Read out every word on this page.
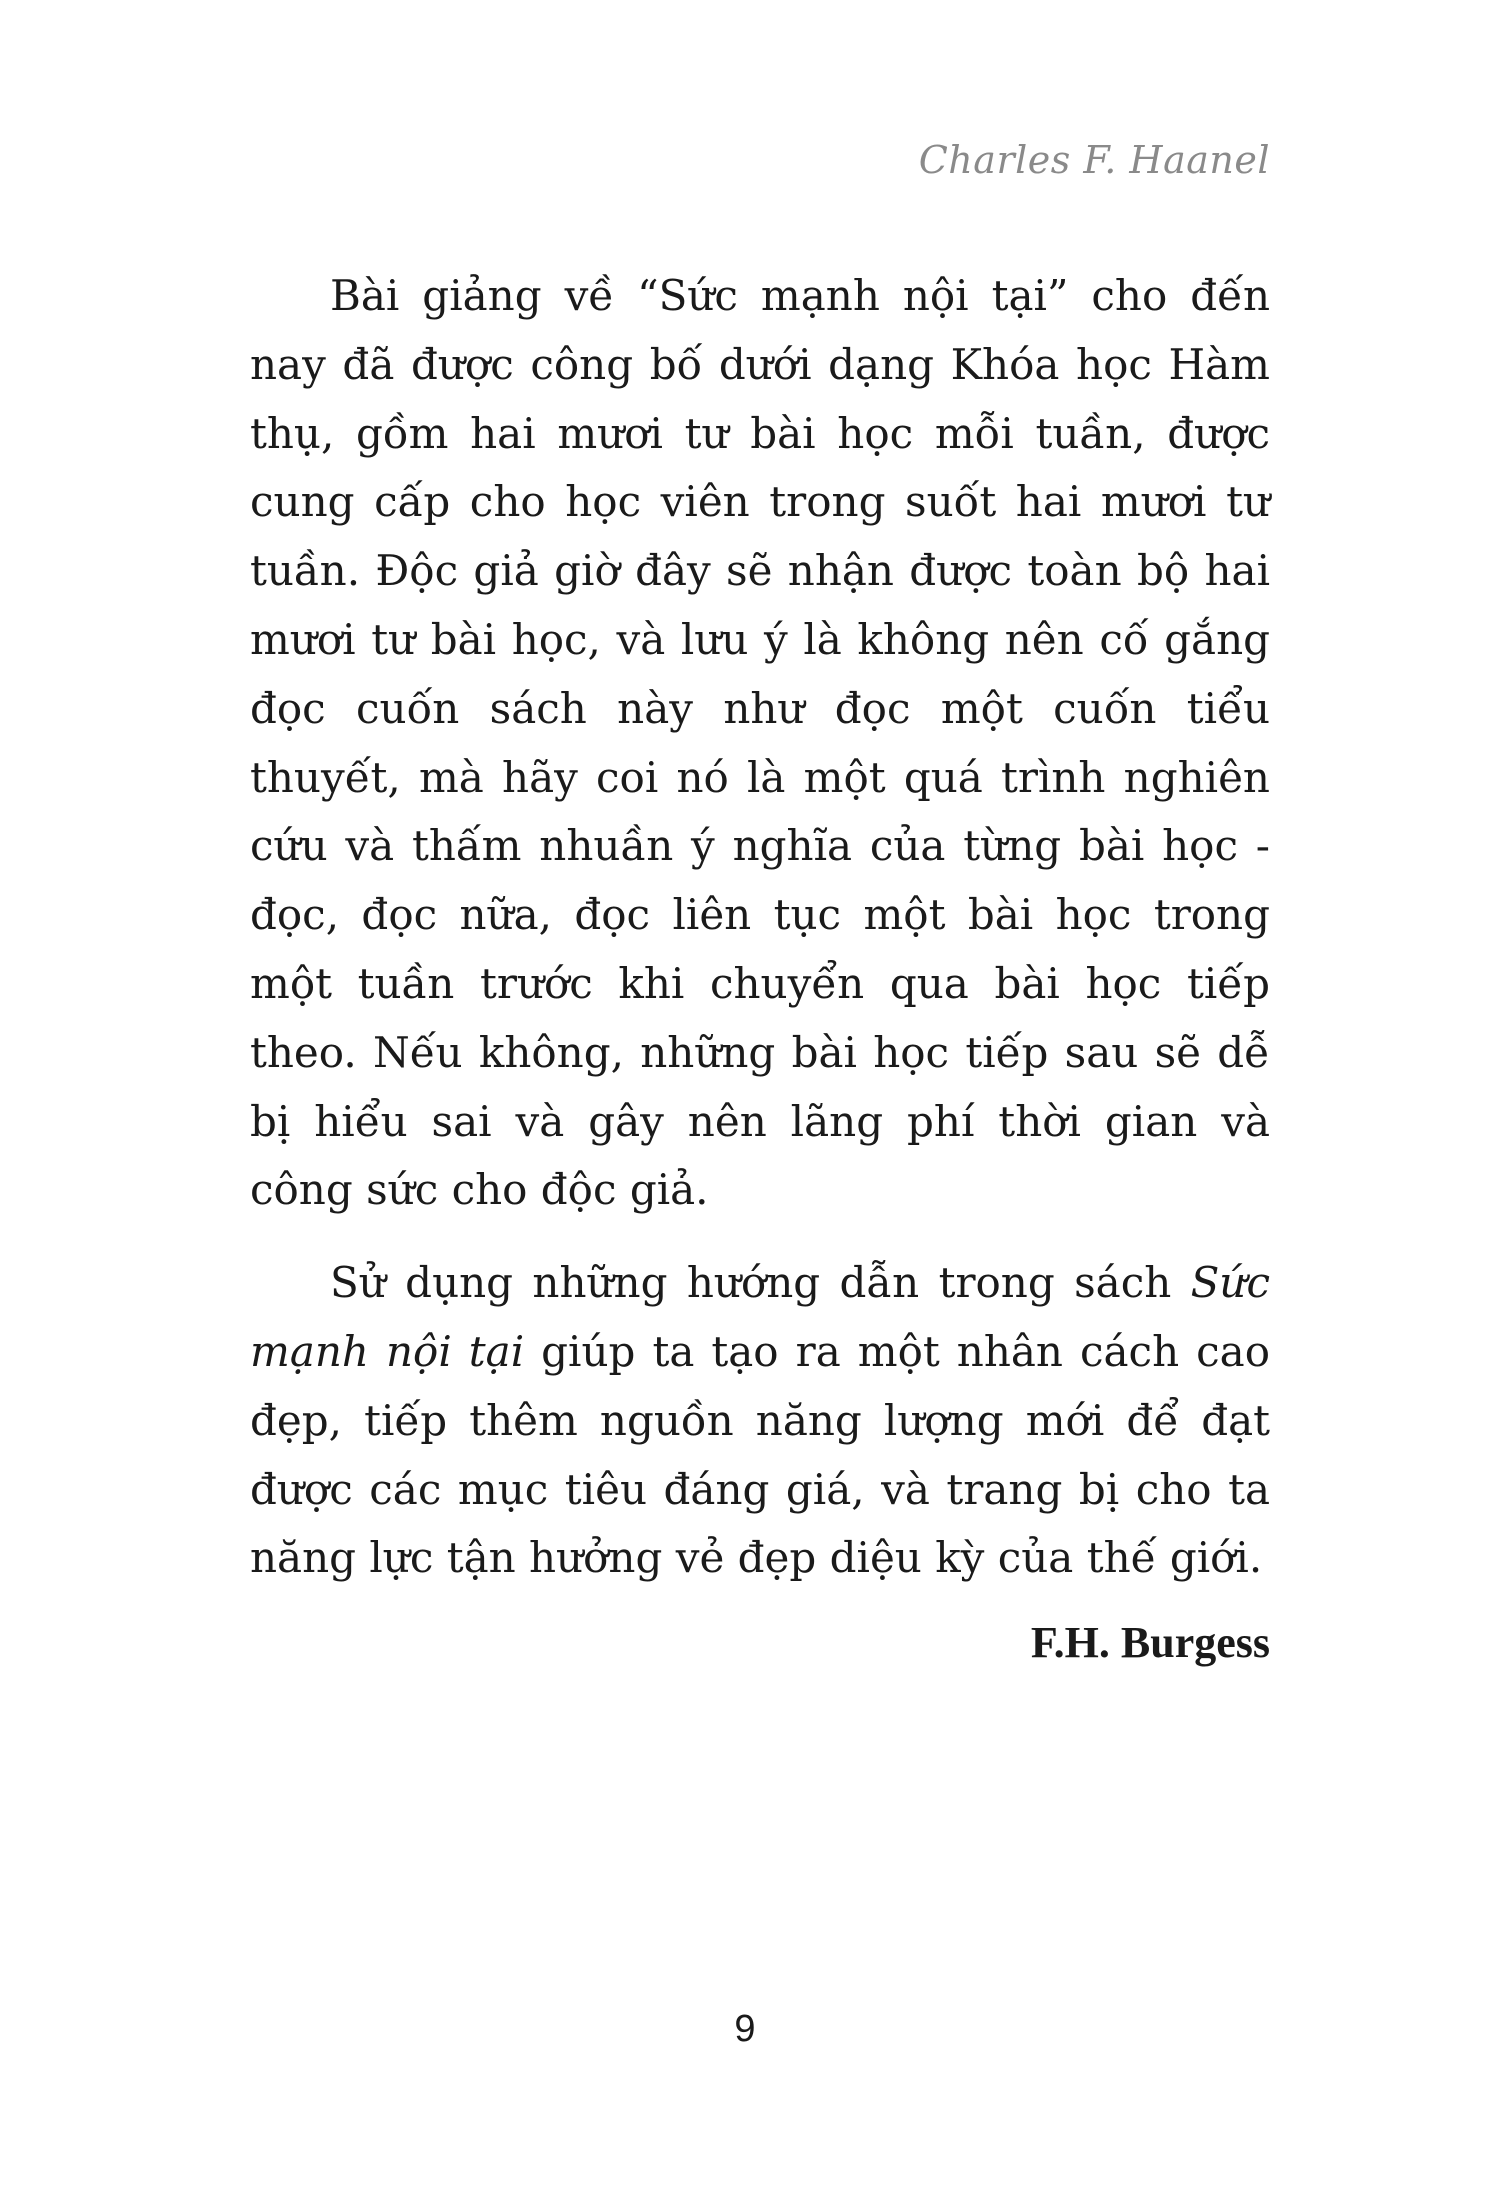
Charles F. Haanel

Bài giảng về “Sức mạnh nội tại” cho đến nay đã được công bố dưới dạng Khóa học Hàm thụ, gồm hai mươi tư bài học mỗi tuần, được cung cấp cho học viên trong suốt hai mươi tư tuần. Độc giả giờ đây sẽ nhận được toàn bộ hai mươi tư bài học, và lưu ý là không nên cố gắng đọc cuốn sách này như đọc một cuốn tiểu thuyết, mà hãy coi nó là một quá trình nghiên cứu và thấm nhuần ý nghĩa của từng bài học - đọc, đọc nữa, đọc liên tục một bài học trong một tuần trước khi chuyển qua bài học tiếp theo. Nếu không, những bài học tiếp sau sẽ dễ bị hiểu sai và gây nên lãng phí thời gian và công sức cho độc giả.

Sử dụng những hướng dẫn trong sách Sức mạnh nội tại giúp ta tạo ra một nhân cách cao đẹp, tiếp thêm nguồn năng lượng mới để đạt được các mục tiêu đáng giá, và trang bị cho ta năng lực tận hưởng vẻ đẹp diệu kỳ của thế giới.

F.H. Burgess
9
